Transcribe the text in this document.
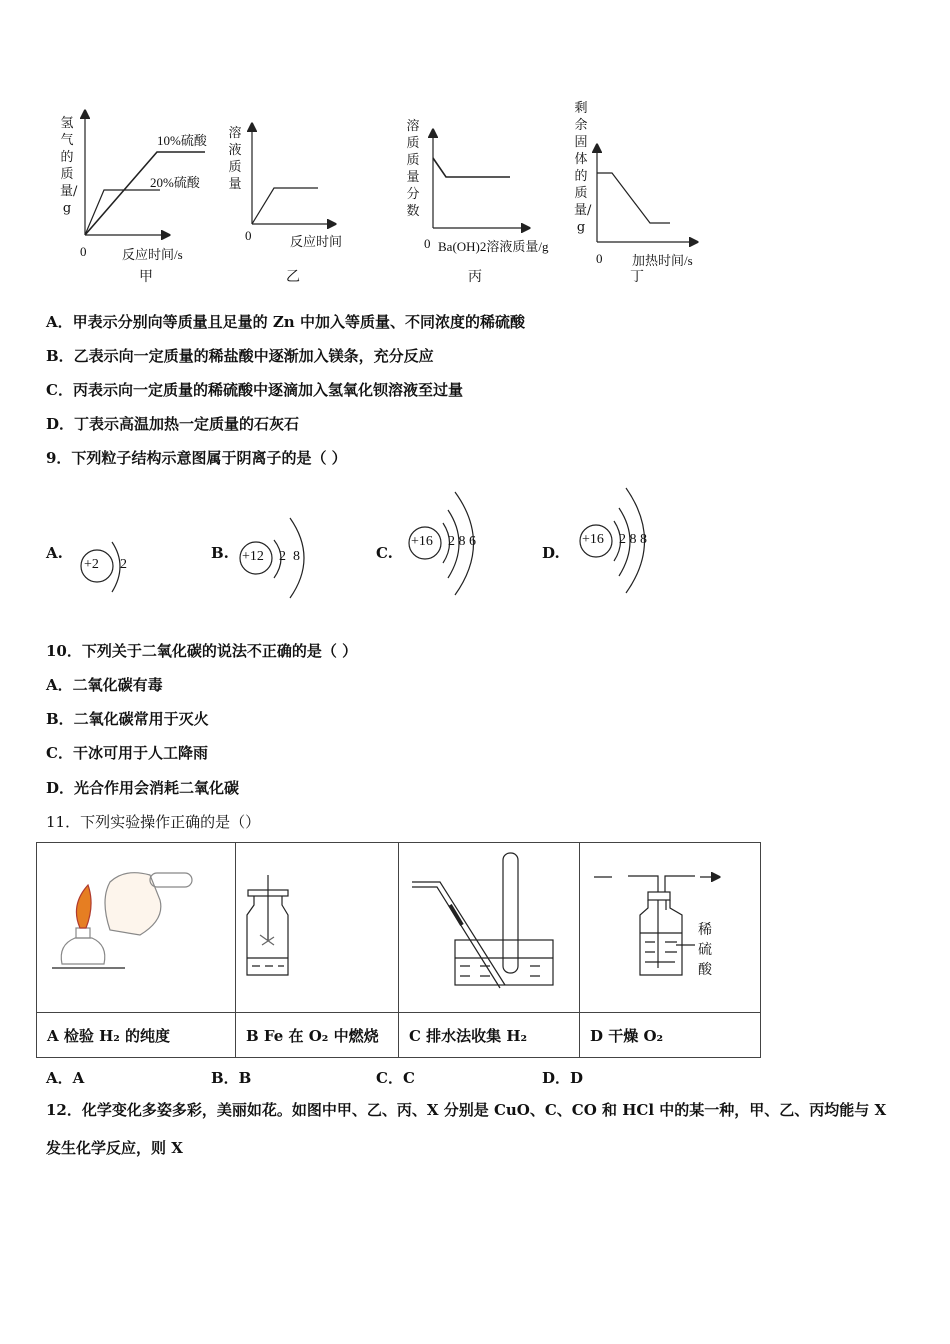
氢气的质量/g
10%硫酸
20%硫酸
0	反应时间/s
甲
溶液质量
0	反应时间
乙
溶质质量分数
0 Ba(OH)2溶液质量/g
丙
剩余固体的质量/g
0 加热时间/s
丁
A．甲表示分别向等质量且足量的 Zn 中加入等质量、不同浓度的稀硫酸
B．乙表示向一定质量的稀盐酸中逐渐加入镁条，充分反应
C．丙表示向一定质量的稀硫酸中逐滴加入氢氧化钡溶液至过量
D．丁表示高温加热一定质量的石灰石
9．下列粒子结构示意图属于阴离子的是（ ）
A.
+2 2
B. +12 2  8	C.
+16 2 8 6
D.
+16 2 8 8
10．下列关于二氧化碳的说法不正确的是（ ）
A．二氧化碳有毒
B．二氧化碳常用于灭火
C．干冰可用于人工降雨
D．光合作用会消耗二氧化碳
11．下列实验操作正确的是（）

A 检验 H₂ 的纯度	B Fe 在 O₂ 中燃烧	C 排水法收集 H₂	D 干燥 O₂
稀硫酸
A．A	B．B	C．C	D．D
12．化学变化多姿多彩，美丽如花。如图中甲、乙、丙、X 分别是 CuO、C、CO 和 HCl 中的某一种，甲、乙、丙均能与 X
发生化学反应，则 X
